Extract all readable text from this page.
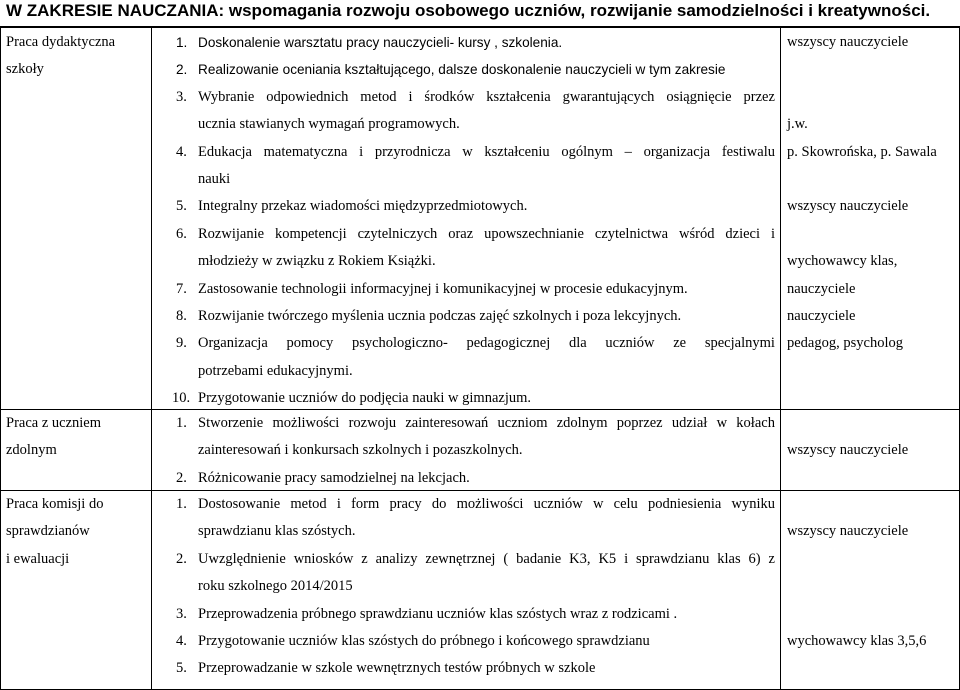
W ZAKRESIE NAUCZANIA: wspomagania rozwoju osobowego uczniów, rozwijanie samodzielności i kreatywności.
Praca dydaktyczna
szkoły
1. Doskonalenie warsztatu pracy nauczycieli- kursy , szkolenia.
2. Realizowanie oceniania kształtującego, dalsze doskonalenie nauczycieli w tym zakresie
3. Wybranie odpowiednich metod i środków kształcenia gwarantujących osiągnięcie przez
ucznia stawianych wymagań programowych.
4. Edukacja matematyczna i przyrodnicza w kształceniu ogólnym – organizacja festiwalu
nauki
5. Integralny przekaz wiadomości międzyprzedmiotowych.
6. Rozwijanie kompetencji czytelniczych oraz upowszechnianie czytelnictwa wśród dzieci i
młodzieży w związku z Rokiem Książki.
7. Zastosowanie technologii informacyjnej i komunikacyjnej w procesie edukacyjnym.
8. Rozwijanie twórczego myślenia ucznia podczas zajęć szkolnych i poza lekcyjnych.
9. Organizacja pomocy psychologiczno- pedagogicznej dla uczniów ze specjalnymi
potrzebami edukacyjnymi.
10. Przygotowanie uczniów do podjęcia nauki w gimnazjum.
wszyscy nauczyciele
j.w.
p. Skowrońska, p. Sawala
wszyscy nauczyciele
wychowawcy klas,
nauczyciele
nauczyciele
pedagog, psycholog
Praca z uczniem
zdolnym
1. Stworzenie możliwości rozwoju zainteresowań uczniom zdolnym poprzez udział w kołach
zainteresowań i konkursach szkolnych i pozaszkolnych.
2. Różnicowanie pracy samodzielnej na lekcjach.
wszyscy nauczyciele
Praca komisji do
sprawdzianów
i ewaluacji
1. Dostosowanie metod i form pracy do możliwości uczniów w celu podniesienia wyniku
sprawdzianu klas szóstych.
2. Uwzględnienie wniosków z analizy zewnętrznej ( badanie K3, K5 i sprawdzianu klas 6) z
roku szkolnego 2014/2015
3. Przeprowadzenia próbnego sprawdzianu uczniów klas szóstych wraz z rodzicami .
4. Przygotowanie uczniów klas szóstych do próbnego i końcowego sprawdzianu
5. Przeprowadzanie w szkole wewnętrznych testów próbnych w szkole
wszyscy nauczyciele
wychowawcy klas 3,5,6
